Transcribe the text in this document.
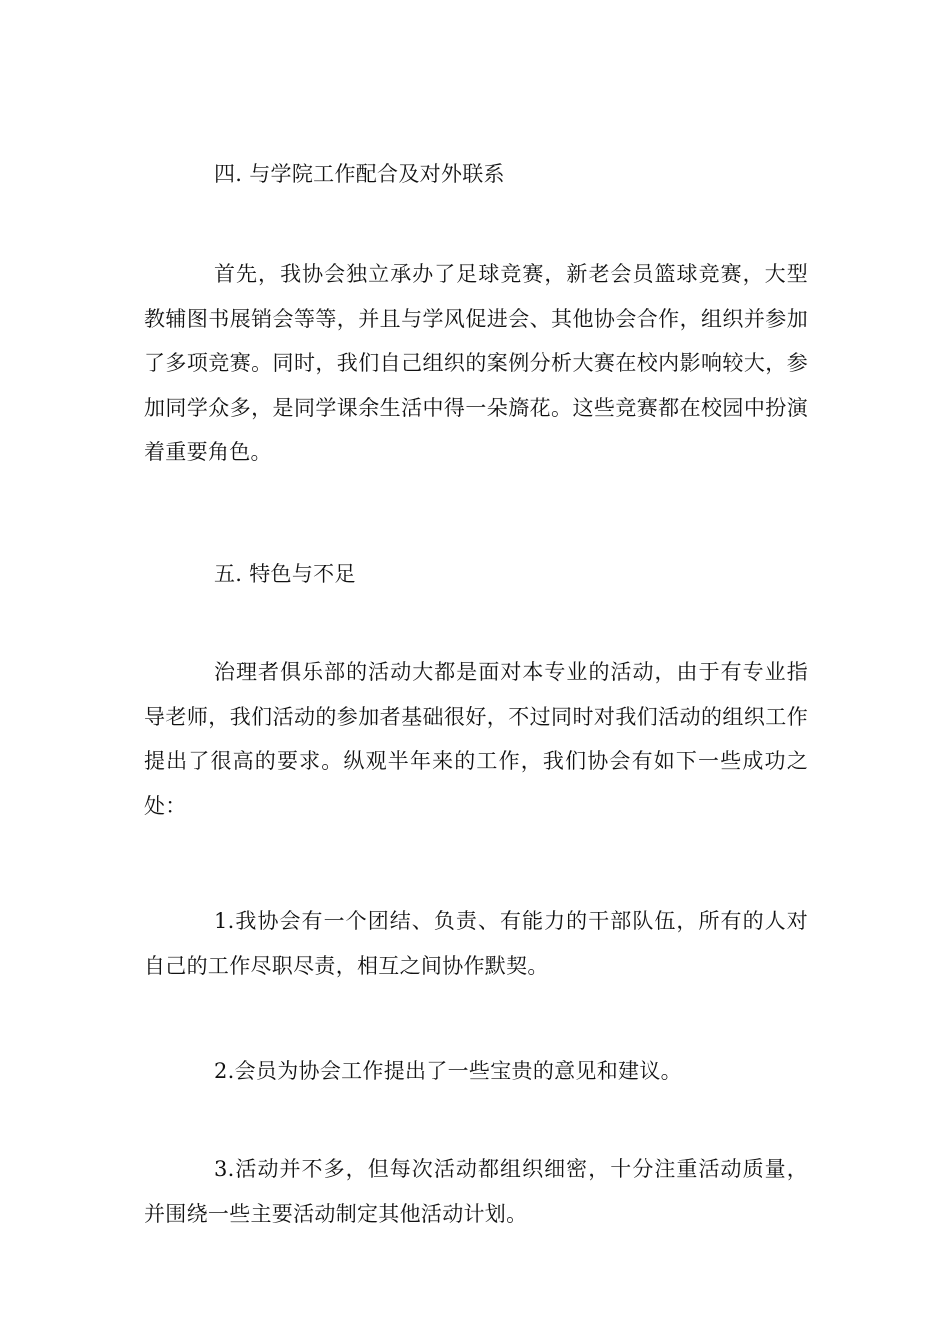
四. 与学院工作配合及对外联系

首先，我协会独立承办了足球竞赛，新老会员篮球竞赛，大型教辅图书展销会等等，并且与学风促进会、其他协会合作，组织并参加了多项竞赛。同时，我们自己组织的案例分析大赛在校内影响较大，参加同学众多，是同学课余生活中得一朵旖花。这些竞赛都在校园中扮演着重要角色。

五. 特色与不足

治理者俱乐部的活动大都是面对本专业的活动，由于有专业指导老师，我们活动的参加者基础很好，不过同时对我们活动的组织工作提出了很高的要求。纵观半年来的工作，我们协会有如下一些成功之处：

1.我协会有一个团结、负责、有能力的干部队伍，所有的人对自己的工作尽职尽责，相互之间协作默契。

2.会员为协会工作提出了一些宝贵的意见和建议。

3.活动并不多，但每次活动都组织细密，十分注重活动质量，并围绕一些主要活动制定其他活动计划。
